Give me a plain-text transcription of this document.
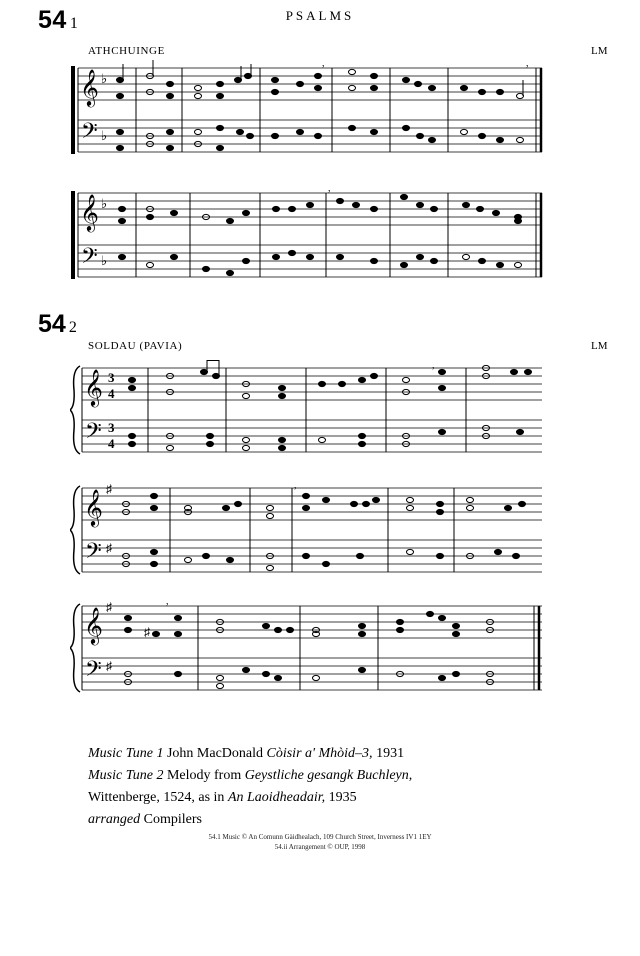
54 1	PSALMS
ATHCHUINGE	LM
𝄞
𝄢
♭
♭
,	,
𝄞
𝄢
♭
♭
,
54 2
SOLDAU (PAVIA)	LM
𝄞
𝄢
3
4
3
4
,
𝄞
𝄢
♯
♯
,
𝄞
𝄢
♯
♯
♯
,
Music Tune 1 John MacDonald Còisir a' Mhòid–3, 1931
Music Tune 2 Melody from Geystliche gesangk Buchleyn,
Wittenberge, 1524, as in An Laoidheadair, 1935
arranged Compilers
54.1 Music © An Comunn Gàidhealach, 109 Church Street, Inverness IV1 1EY
54.ii Arrangement © OUP, 1998
